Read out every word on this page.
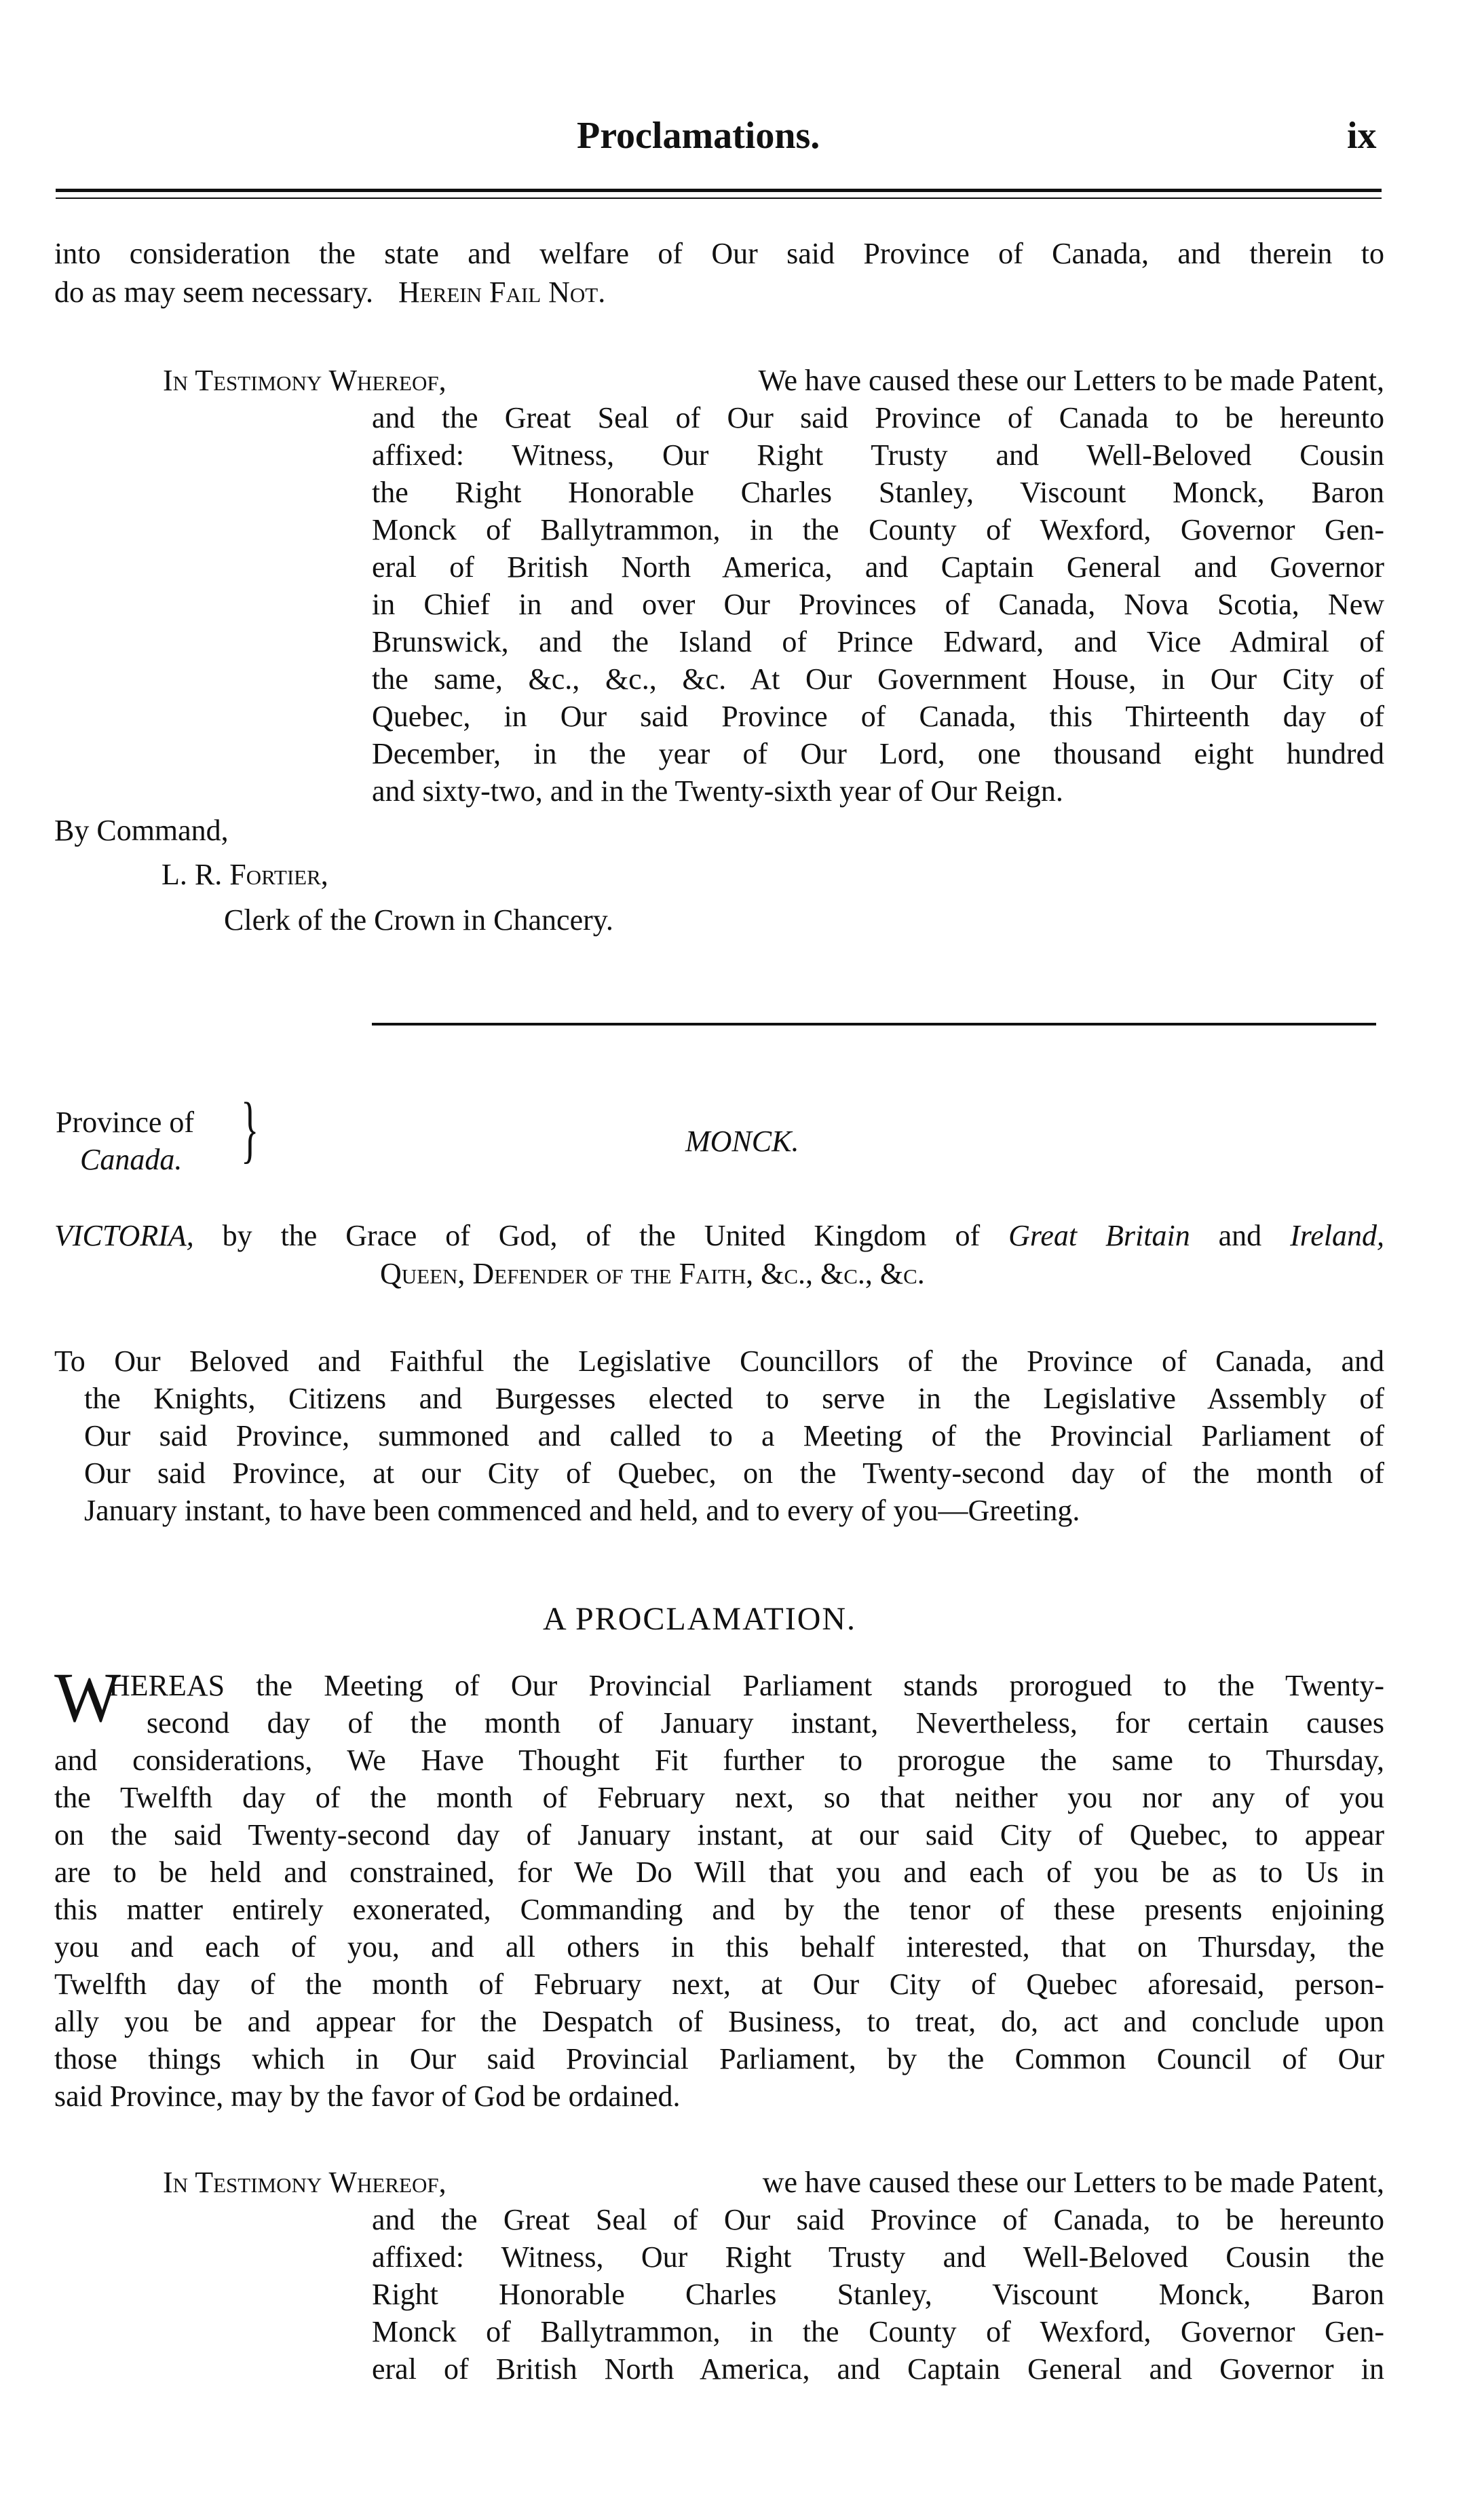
Proclamations.	ix
into consideration the state and welfare of Our said Province of Canada, and therein to
do as may seem necessary. Herein Fail Not.
In Testimony Whereof,	We have caused these our Letters to be made Patent,
and the Great Seal of Our said Province of Canada to be hereunto
affixed: Witness, Our Right Trusty and Well-Beloved Cousin
the Right Honorable Charles Stanley, Viscount Monck, Baron
Monck of Ballytrammon, in the County of Wexford, Governor Gen-
eral of British North America, and Captain General and Governor
in Chief in and over Our Provinces of Canada, Nova Scotia, New
Brunswick, and the Island of Prince Edward, and Vice Admiral of
the same, &c., &c., &c. At Our Government House, in Our City of
Quebec, in Our said Province of Canada, this Thirteenth day of
December, in the year of Our Lord, one thousand eight hundred
and sixty-two, and in the Twenty-sixth year of Our Reign.
By Command,
L. R. Fortier,
Clerk of the Crown in Chancery.
Province of
Canada. }	MONCK.
VICTORIA, by the Grace of God, of the United Kingdom of Great Britain and Ireland,
Queen, Defender of the Faith, &c., &c., &c.
To Our Beloved and Faithful the Legislative Councillors of the Province of Canada, and
the Knights, Citizens and Burgesses elected to serve in the Legislative Assembly of
Our said Province, summoned and called to a Meeting of the Provincial Parliament of
Our said Province, at our City of Quebec, on the Twenty-second day of the month of
January instant, to have been commenced and held, and to every of you—Greeting.
A PROCLAMATION.
W
HEREAS the Meeting of Our Provincial Parliament stands prorogued to the Twenty-
second day of the month of January instant, Nevertheless, for certain causes
and considerations, We Have Thought Fit further to prorogue the same to Thursday,
the Twelfth day of the month of February next, so that neither you nor any of you
on the said Twenty-second day of January instant, at our said City of Quebec, to appear
are to be held and constrained, for We Do Will that you and each of you be as to Us in
this matter entirely exonerated, Commanding and by the tenor of these presents enjoining
you and each of you, and all others in this behalf interested, that on Thursday, the
Twelfth day of the month of February next, at Our City of Quebec aforesaid, person-
ally you be and appear for the Despatch of Business, to treat, do, act and conclude upon
those things which in Our said Provincial Parliament, by the Common Council of Our
said Province, may by the favor of God be ordained.
In Testimony Whereof,	we have caused these our Letters to be made Patent,
and the Great Seal of Our said Province of Canada, to be hereunto
affixed: Witness, Our Right Trusty and Well-Beloved Cousin the
Right Honorable Charles Stanley, Viscount Monck, Baron
Monck of Ballytrammon, in the County of Wexford, Governor Gen-
eral of British North America, and Captain General and Governor in
